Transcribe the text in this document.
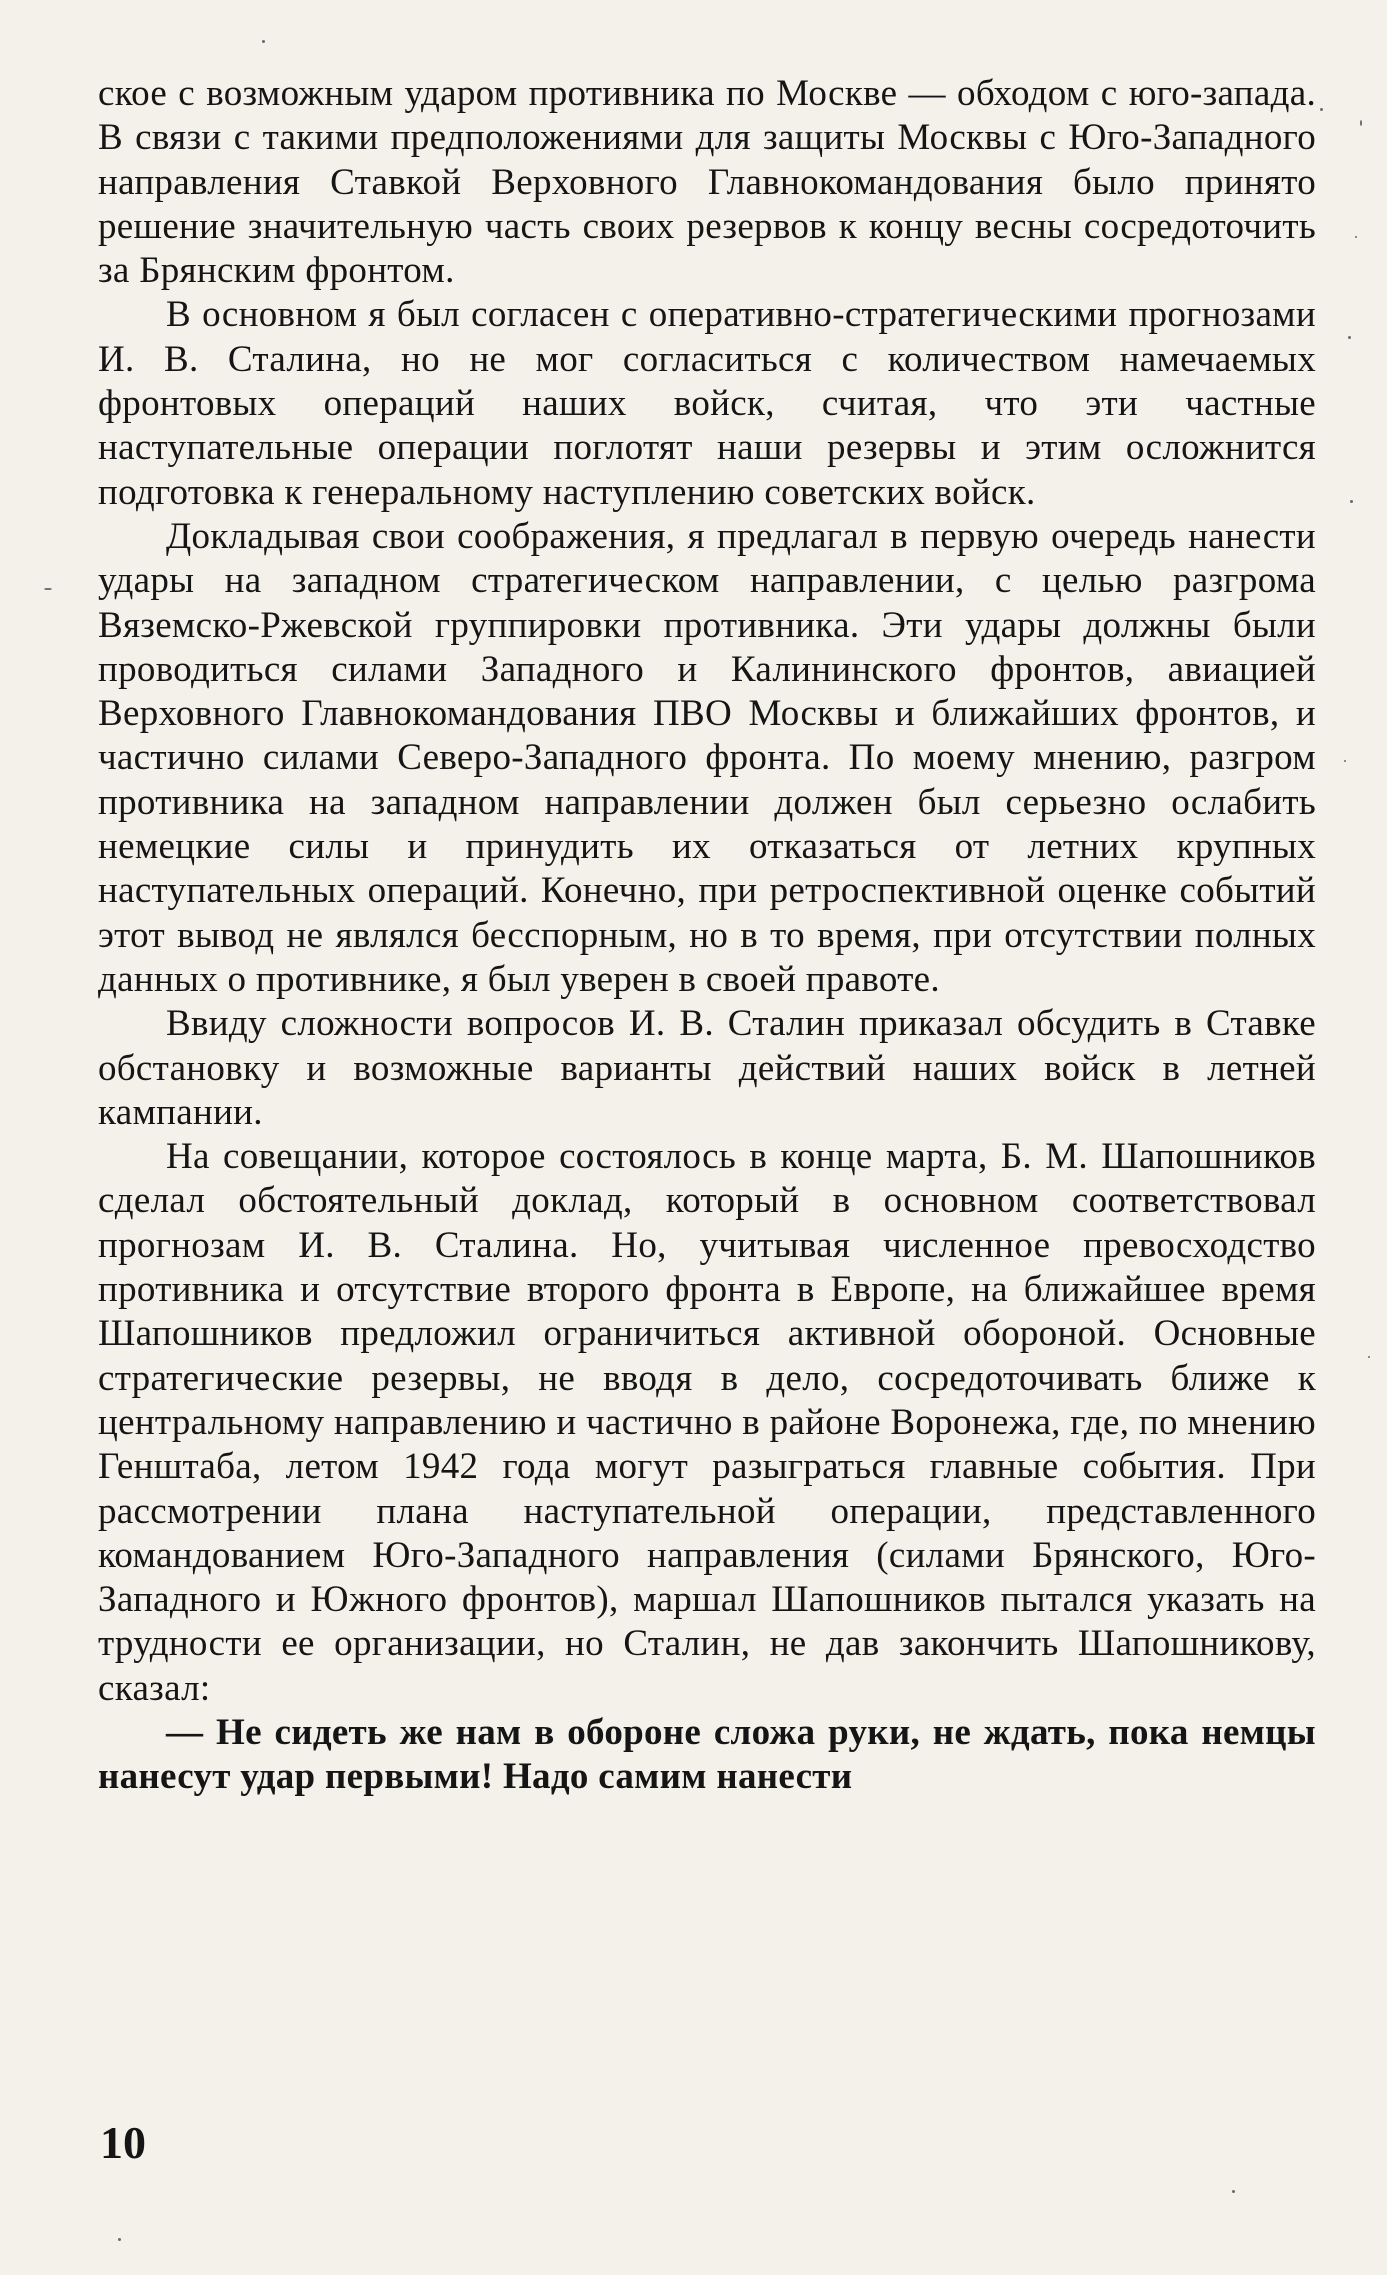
ское с возможным ударом противника по Москве — обходом с юго-запада. В связи с такими предположениями для защиты Москвы с Юго-Западного направления Ставкой Верховного Главнокомандования было принято решение значительную часть своих резервов к концу весны сосредоточить за Брянским фронтом.

В основном я был согласен с оперативно-стратегическими прогнозами И. В. Сталина, но не мог согласиться с количеством намечаемых фронтовых операций наших войск, считая, что эти частные наступательные операции поглотят наши резервы и этим осложнится подготовка к генеральному наступлению советских войск.

Докладывая свои соображения, я предлагал в первую очередь нанести удары на западном стратегическом направлении, с целью разгрома Вяземско-Ржевской группировки противника. Эти удары должны были проводиться силами Западного и Калининского фронтов, авиацией Верховного Главнокомандования ПВО Москвы и ближайших фронтов, и частично силами Северо-Западного фронта. По моему мнению, разгром противника на западном направлении должен был серьезно ослабить немецкие силы и принудить их отказаться от летних крупных наступательных операций. Конечно, при ретроспективной оценке событий этот вывод не являлся бесспорным, но в то время, при отсутствии полных данных о противнике, я был уверен в своей правоте.

Ввиду сложности вопросов И. В. Сталин приказал обсудить в Ставке обстановку и возможные варианты действий наших войск в летней кампании.

На совещании, которое состоялось в конце марта, Б. М. Шапошников сделал обстоятельный доклад, который в основном соответствовал прогнозам И. В. Сталина. Но, учитывая численное превосходство противника и отсутствие второго фронта в Европе, на ближайшее время Шапошников предложил ограничиться активной обороной. Основные стратегические резервы, не вводя в дело, сосредоточивать ближе к центральному направлению и частично в районе Воронежа, где, по мнению Генштаба, летом 1942 года могут разыграться главные события. При рассмотрении плана наступательной операции, представленного командованием Юго-Западного направления (силами Брянского, Юго-Западного и Южного фронтов), маршал Шапошников пытался указать на трудности ее организации, но Сталин, не дав закончить Шапошникову, сказал:

— Не сидеть же нам в обороне сложа руки, не ждать, пока немцы нанесут удар первыми! Надо самим нанести

10
